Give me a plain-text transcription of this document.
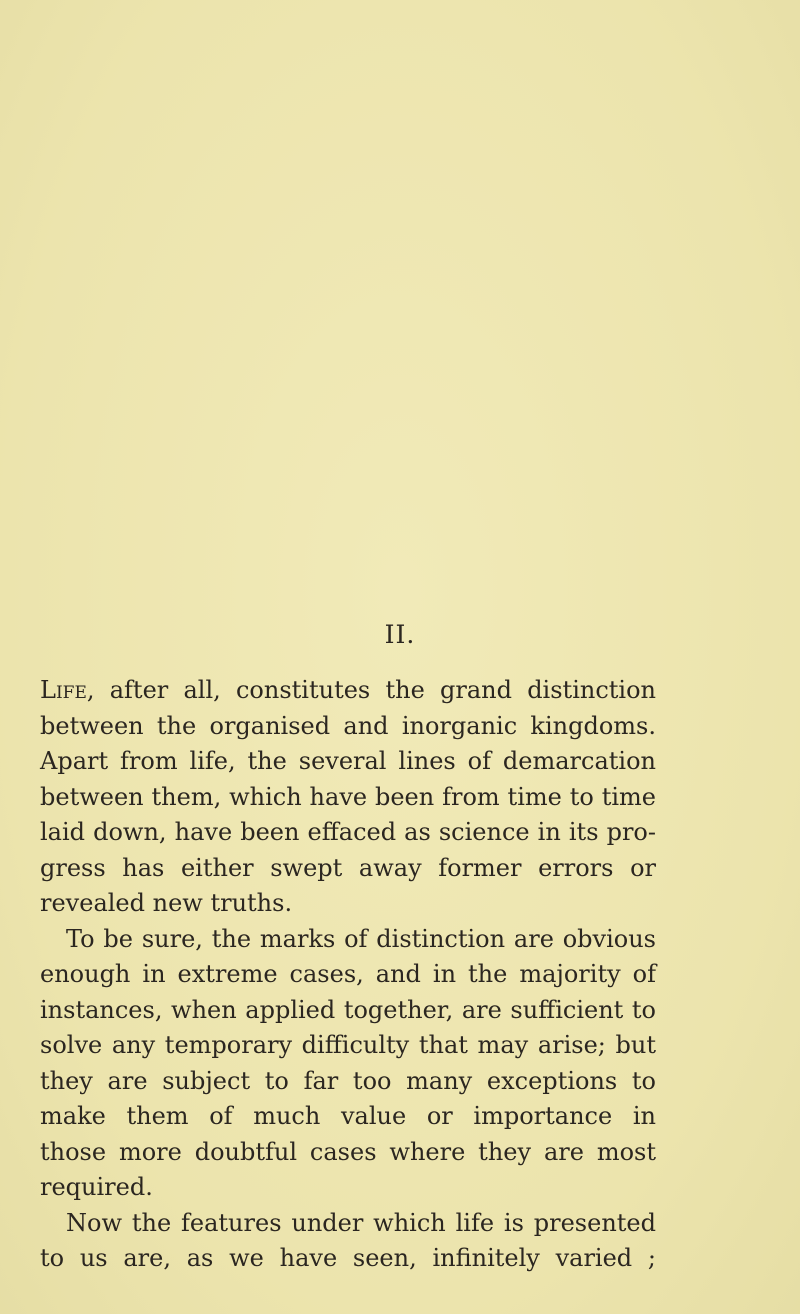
II.
Life, after all, constitutes the grand distinction
between the organised and inorganic kingdoms.
Apart from life, the several lines of demarcation
between them, which have been from time to time
laid down, have been effaced as science in its pro-
gress has either swept away former errors or
revealed new truths.
To be sure, the marks of distinction are obvious
enough in extreme cases, and in the majority of
instances, when applied together, are sufficient to
solve any temporary difficulty that may arise; but
they are subject to far too many exceptions to
make them of much value or importance in
those more doubtful cases where they are most
required.
Now the features under which life is presented
to us are, as we have seen, infinitely varied ;
